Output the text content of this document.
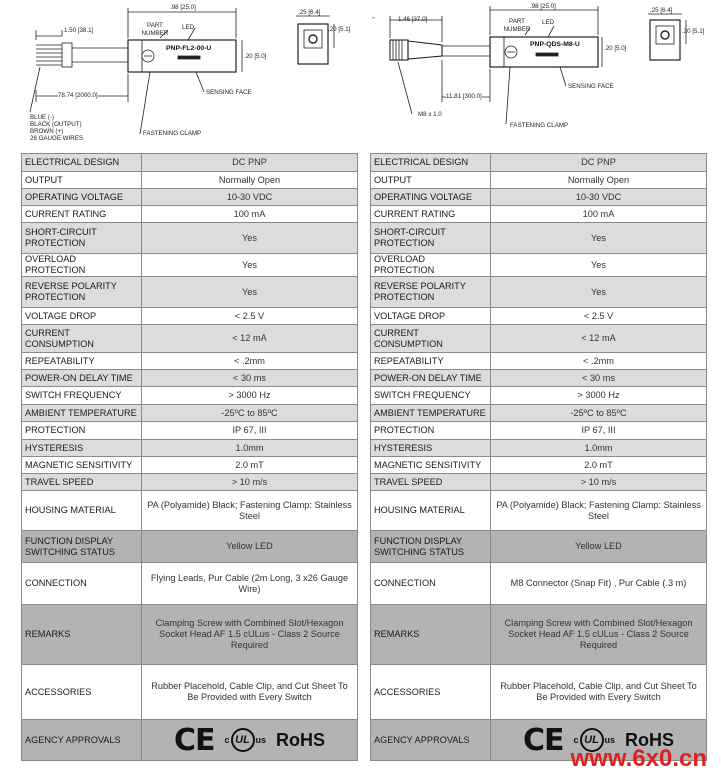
1.50 [38.1]
.98 [25.0]
PART NUMBER
LED
PNP-FL2-00-U
.20 [5.0]
78.74 [2000.0]	SENSING FACE
.25 [6.4]
.20 [5.1]
BLUE (-)
BLACK (OUTPUT)
BROWN (+)
26 GAUGE WIRES
FASTENING CLAMP
-	1.46 [37.0]
.98 [25.0]
PART NUMBER
LED
PNP-QDS-M8-U
.20 [5.0]
11.81 [300.0]
SENSING FACE
M8 x 1.0
.25 [6.4]
.20 [5.1]
FASTENING CLAMP
ELECTRICAL DESIGN	DC PNP
OUTPUT	Normally Open
OPERATING VOLTAGE	10-30 VDC
CURRENT RATING	100 mA
SHORT-CIRCUIT PROTECTION	Yes
OVERLOAD PROTECTION	Yes
REVERSE POLARITY PROTECTION	Yes
VOLTAGE DROP	< 2.5 V
CURRENT CONSUMPTION	< 12 mA
REPEATABILITY	< .2mm
POWER-ON DELAY TIME	< 30 ms
SWITCH FREQUENCY	> 3000 Hz
AMBIENT TEMPERATURE	-25ºC to 85ºC
PROTECTION	IP 67, III
HYSTERESIS	1.0mm
MAGNETIC SENSITIVITY	2.0 mT
TRAVEL SPEED	> 10 m/s
HOUSING MATERIAL	PA (Polyamide) Black; Fastening Clamp: Stainless Steel
FUNCTION DISPLAY SWITCHING STATUS	Yellow LED
CONNECTION	Flying Leads, Pur Cable (2m Long, 3 x26 Gauge Wire)
REMARKS	Clamping Screw with Combined Slot/Hexagon Socket Head AF 1.5 cULus - Class 2 Source Required
ACCESSORIES	Rubber Placehold, Cable Clip, and Cut Sheet To Be Provided with Every Switch
AGENCY APPROVALS	CE c UL us RoHS
ELECTRICAL DESIGN	DC PNP
OUTPUT	Normally Open
OPERATING VOLTAGE	10-30 VDC
CURRENT RATING	100 mA
SHORT-CIRCUIT PROTECTION	Yes
OVERLOAD PROTECTION	Yes
REVERSE POLARITY PROTECTION	Yes
VOLTAGE DROP	< 2.5 V
CURRENT CONSUMPTION	< 12 mA
REPEATABILITY	< .2mm
POWER-ON DELAY TIME	< 30 ms
SWITCH FREQUENCY	> 3000 Hz
AMBIENT TEMPERATURE	-25ºC to 85ºC
PROTECTION	IP 67, III
HYSTERESIS	1.0mm
MAGNETIC SENSITIVITY	2.0 mT
TRAVEL SPEED	> 10 m/s
HOUSING MATERIAL	PA (Polyamide) Black; Fastening Clamp: Stainless Steel
FUNCTION DISPLAY SWITCHING STATUS	Yellow LED
CONNECTION	M8 Connector (Snap Fit) , Pur Cable (.3 m)
REMARKS	Clamping Screw with Combined Slot/Hexagon Socket Head AF 1.5 cULus - Class 2 Source Required
ACCESSORIES	Rubber Placehold, Cable Clip, and Cut Sheet To Be Provided with Every Switch
AGENCY APPROVALS	CE c UL us RoHS
www.6x0.cn
